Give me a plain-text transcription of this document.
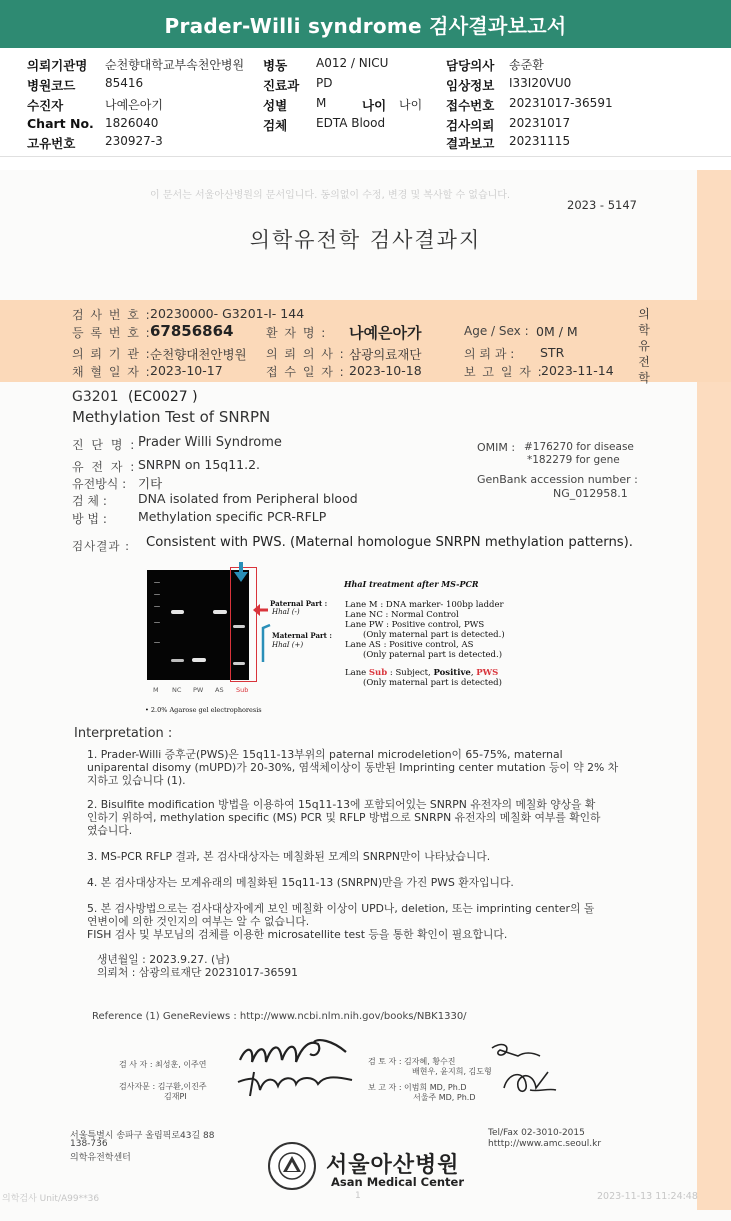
Prader-Willi syndrome 검사결과보고서
의뢰기관명 순천향대학교부속천안병원
병원코드 85416
수진자	나예은아기
Chart No. 1826040
고유번호 230927-3
병동 A012 / NICU
진료과 PD
성별 M	나이 나이
검체 EDTA Blood
담당의사 송준환
임상정보 I33I20VU0
접수번호 20231017-36591
검사의뢰 20231017
결과보고 20231115
이 문서는 서울아산병원의 문서입니다. 동의없이 수정, 변경 및 복사할 수 없습니다.
2023 - 5147
의학유전학 검사결과지
의
학
유
전
학
검 사 번 호 :
20230000- G3201-I- 144
등 록 번 호 :
67856864	환 자 명 : 나예은아가	Age / Sex : 0M / M
의 뢰 기 관 :
순천향대천안병원 의 뢰 의 사 : 삼광의료재단	의 뢰 과 : STR
채 혈 일 자 :
2023-10-17	접 수 일 자 : 2023-10-18	보 고 일 자 :
2023-11-14
G3201 (EC0027 )
Methylation Test of SNRPN
진 단 명 : Prader Willi Syndrome
유 전 자 : SNRPN on 15q11.2.
유전방식 : 기타
검 체 : DNA isolated from Peripheral blood
방 법 : Methylation specific PCR-RFLP
OMIM : #176270 for disease
*182279 for gene
GenBank accession number :
NG_012958.1
검사결과 : Consistent with PWS. (Maternal homologue SNRPN methylation patterns).
Paternal Part :
HhaI (-)
Maternal Part :
HhaI (+)
M NC PW AS Sub
• 2.0% Agarose gel electrophoresis
HhaI treatment after MS-PCR
Lane M : DNA marker- 100bp ladder
Lane NC : Normal Control
Lane PW : Positive control, PWS
(Only maternal part is detected.)
Lane AS : Positive control, AS
(Only paternal part is detected.)
Lane Sub : Subject, Positive, PWS
(Only maternal part is detected)
Interpretation :
1. Prader-Willi 증후군(PWS)은 15q11-13부위의 paternal microdeletion이 65-75%, maternal
uniparental disomy (mUPD)가 20-30%, 염색체이상이 동반된 Imprinting center mutation 등이 약 2% 차
지하고 있습니다 (1).
2. Bisulfite modification 방법을 이용하여 15q11-13에 포함되어있는 SNRPN 유전자의 메칠화 양상을 확
인하기 위하여, methylation specific (MS) PCR 및 RFLP 방법으로 SNRPN 유전자의 메칠화 여부를 확인하
였습니다.
3. MS-PCR RFLP 결과, 본 검사대상자는 메칠화된 모계의 SNRPN만이 나타났습니다.
4. 본 검사대상자는 모계유래의 메칠화된 15q11-13 (SNRPN)만을 가진 PWS 환자입니다.
5. 본 검사방법으로는 검사대상자에게 보인 메칠화 이상이 UPD나, deletion, 또는 imprinting center의 돌
연변이에 의한 것인지의 여부는 알 수 없습니다.
FISH 검사 및 부모님의 검체를 이용한 microsatellite test 등을 통한 확인이 필요합니다.
생년월일 : 2023.9.27. (남)
의뢰처 : 삼광의료재단 20231017-36591
Reference (1) GeneReviews : http://www.ncbi.nlm.nih.gov/books/NBK1330/
검 사 자 : 최성훈, 이주연
검사자문 : 김구환,이진주
김재PI
검 토 자 : 김자혜, 황수진
배현우, 윤지희, 김도형
보 고 자 : 이범희 MD, Ph.D
서울주 MD, Ph.D
서울특별시 송파구 올림픽로43길 88
138-736
의학유전학센터
Tel/Fax 02-3010-2015
htttp://www.amc.seoul.kr
서울아산병원
Asan Medical Center
의학검사 Unit/A99**36	1	2023-11-13 11:24:48
